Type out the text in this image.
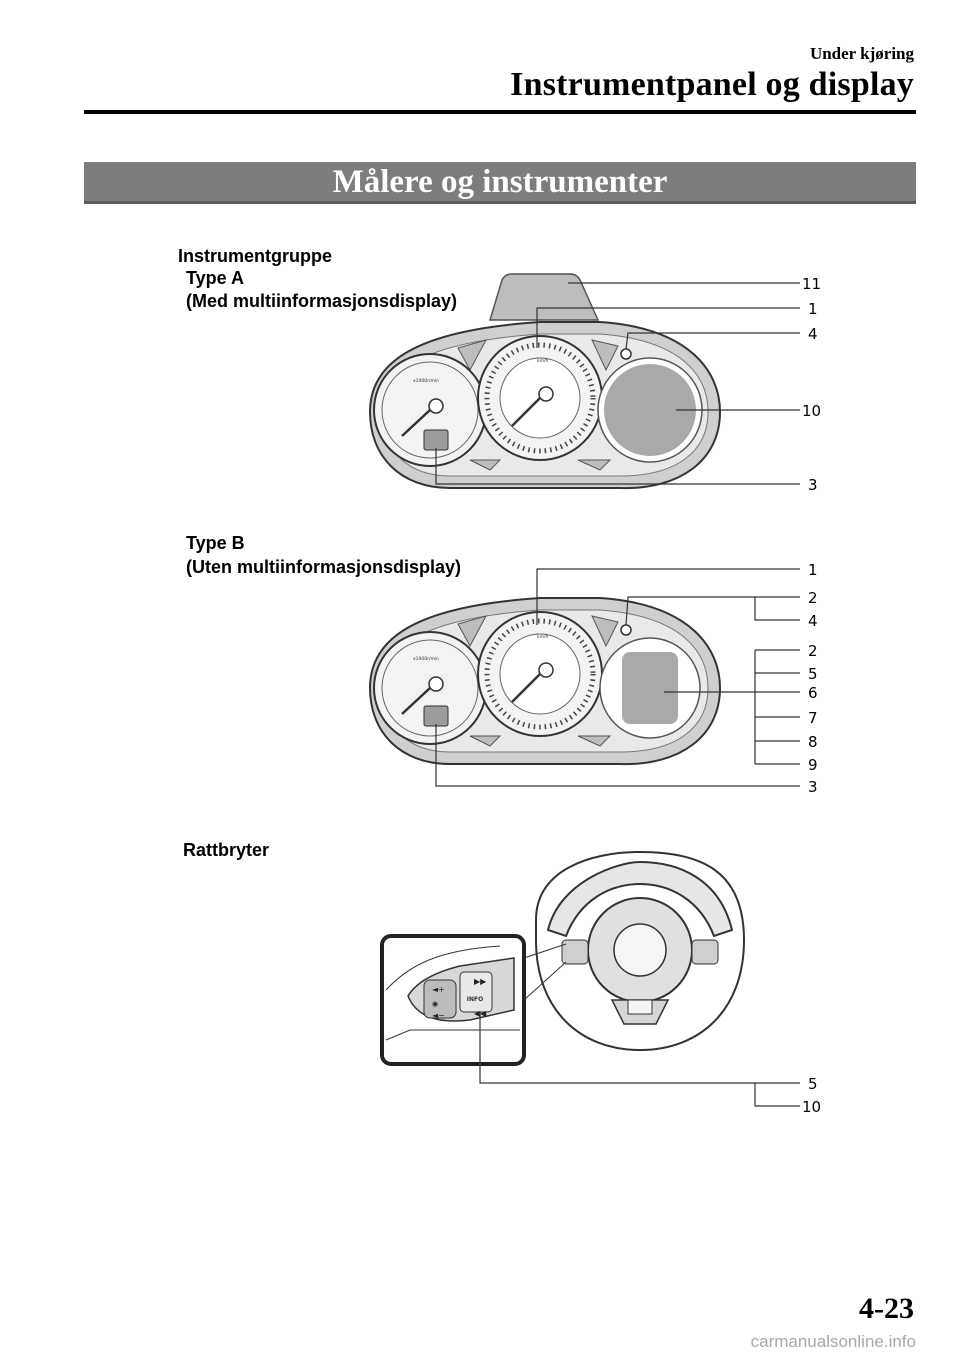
Under kjøring
Instrumentpanel og display
Målere og instrumenter
Instrumentgruppe
Type A
(Med multiinformasjonsdisplay)
Type B
(Uten multiinformasjonsdisplay)
Rattbryter
x1000r/min
km/h
x1000r/min
km/h
INFO
◄+
◉
◄−
▶▶
◀◀
11
1
4
10
3
1
2
4
2
5
6
7
8
9
3
5
10
4-23
carmanualsonline.info
